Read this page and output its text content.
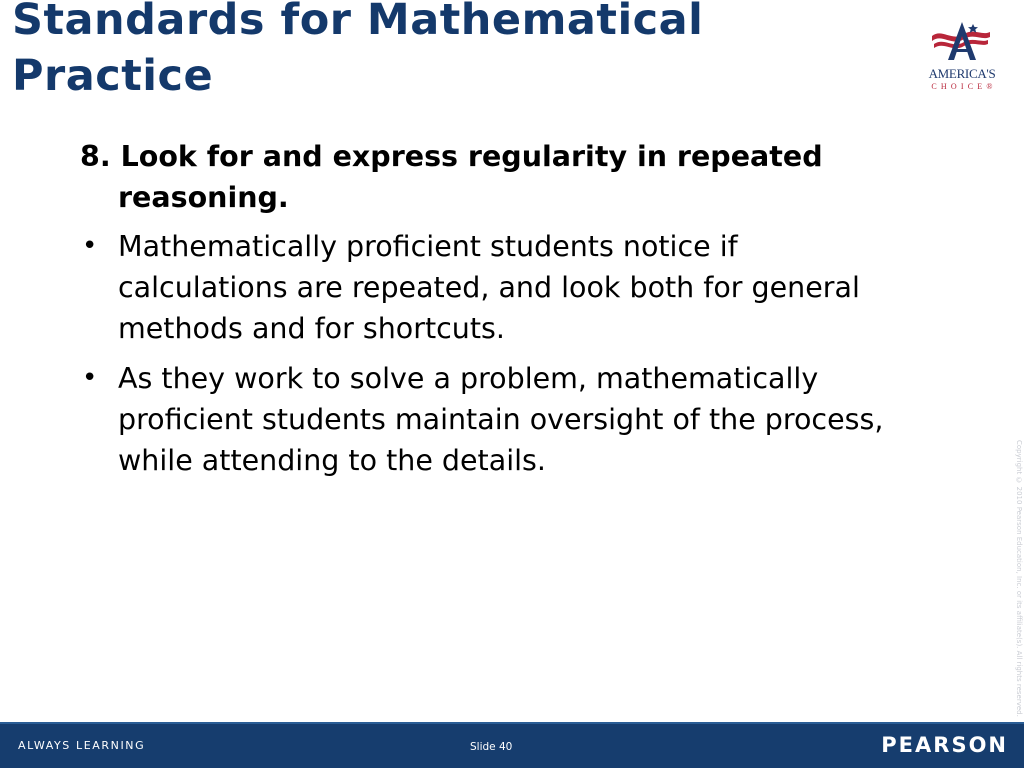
Standards for Mathematical Practice	AMERICA'S
CHOICE®

8. Look for and express regularity in repeated reasoning.

• Mathematically proficient students notice if calculations are repeated, and look both for general methods and for shortcuts.
• As they work to solve a problem, mathematically proficient students maintain oversight of the process, while attending to the details.	Copyright © 2010 Pearson Education, Inc. or its affiliate(s). All rights reserved.
ALWAYS LEARNING	Slide 40	PEARSON
